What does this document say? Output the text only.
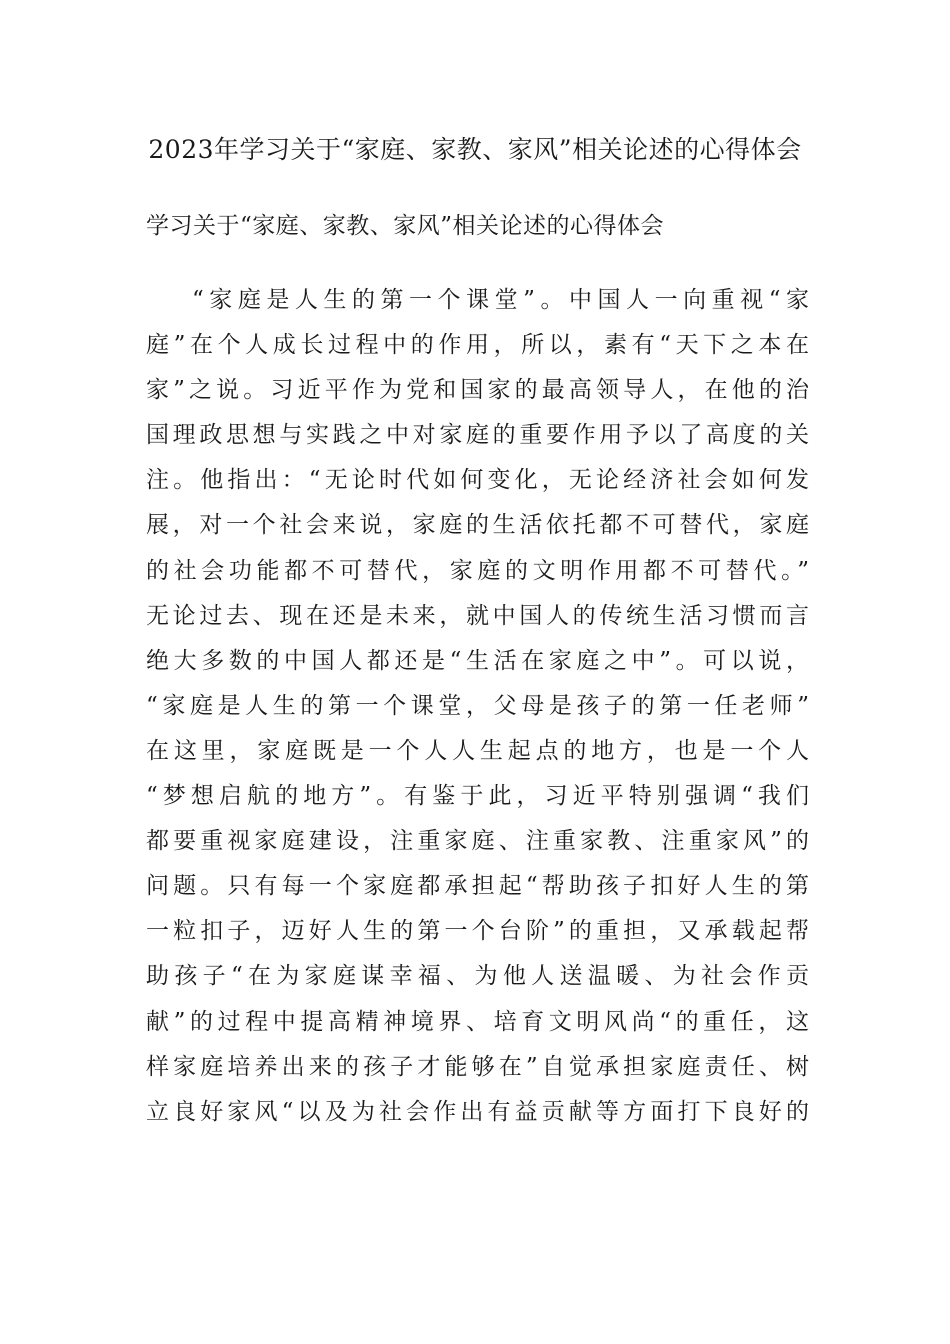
2023年学习关于“家庭、家教、家风”相关论述的心得体会
学习关于“家庭、家教、家风”相关论述的心得体会
“家庭是人生的第一个课堂”。中国人一向重视“家
庭”在个人成长过程中的作用，所以，素有“天下之本在
家”之说。习近平作为党和国家的最高领导人，在他的治
国理政思想与实践之中对家庭的重要作用予以了高度的关
注。他指出：“无论时代如何变化，无论经济社会如何发
展，对一个社会来说，家庭的生活依托都不可替代，家庭
的社会功能都不可替代，家庭的文明作用都不可替代。”
无论过去、现在还是未来，就中国人的传统生活习惯而言
绝大多数的中国人都还是“生活在家庭之中”。可以说，
“家庭是人生的第一个课堂，父母是孩子的第一任老师”
在这里，家庭既是一个人人生起点的地方，也是一个人
“梦想启航的地方”。有鉴于此，习近平特别强调“我们
都要重视家庭建设，注重家庭、注重家教、注重家风”的
问题。只有每一个家庭都承担起“帮助孩子扣好人生的第
一粒扣子，迈好人生的第一个台阶”的重担，又承载起帮
助孩子“在为家庭谋幸福、为他人送温暖、为社会作贡
献”的过程中提高精神境界、培育文明风尚“的重任，这
样家庭培养出来的孩子才能够在”自觉承担家庭责任、树
立良好家风“以及为社会作出有益贡献等方面打下良好的
